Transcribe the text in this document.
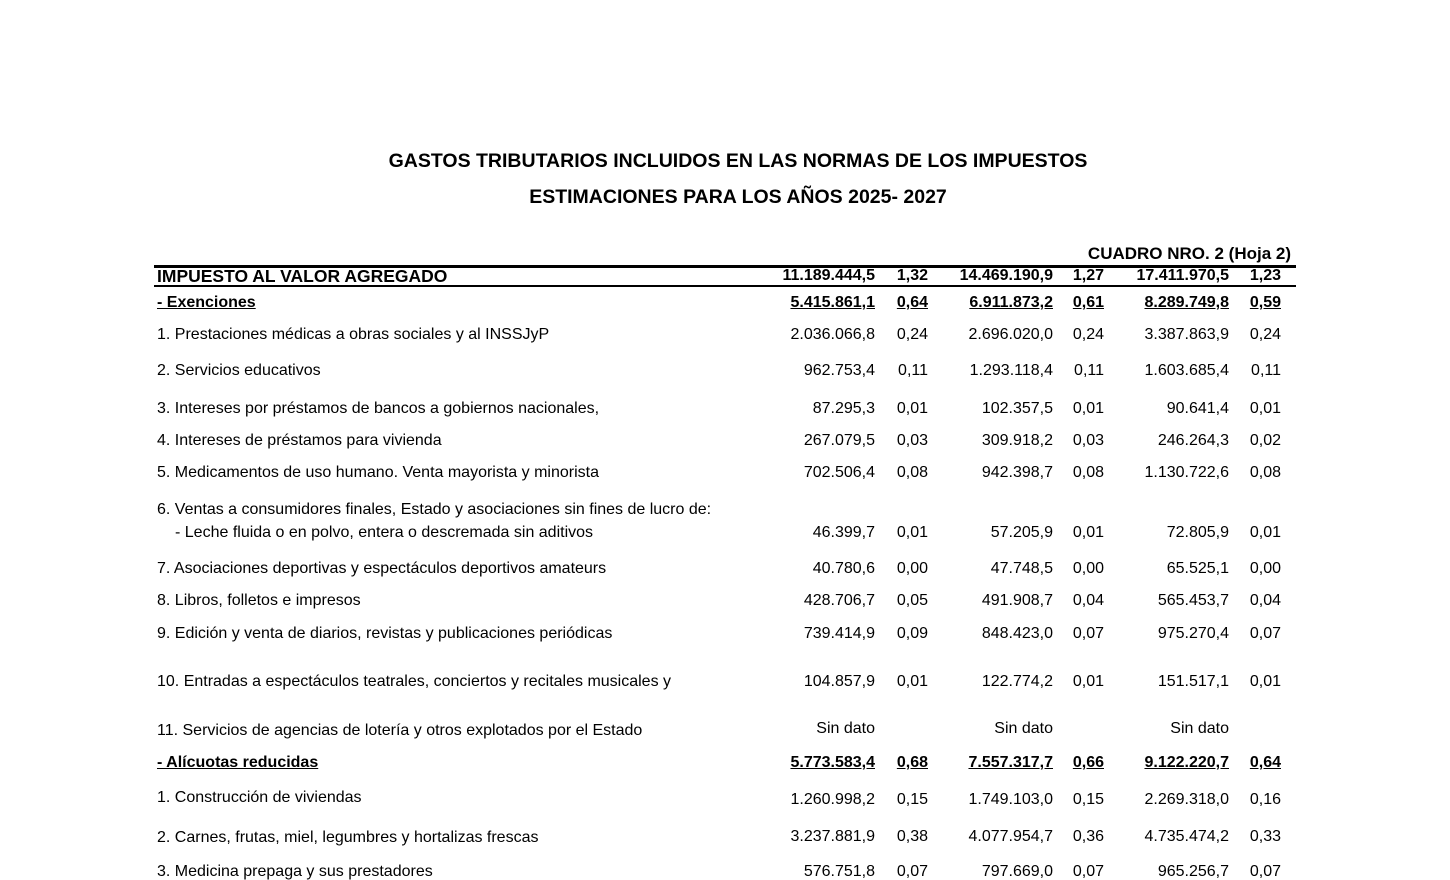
GASTOS TRIBUTARIOS INCLUIDOS EN LAS NORMAS DE LOS IMPUESTOS
ESTIMACIONES PARA LOS AÑOS 2025- 2027
CUADRO NRO. 2 (Hoja 2)
IMPUESTO AL VALOR AGREGADO	11.189.444,5 1,32 14.469.190,9 1,27 17.411.970,5 1,23
- Exenciones	5.415.861,1 0,64	6.911.873,2 0,61	8.289.749,8 0,59
1. Prestaciones médicas a obras sociales y al INSSJyP	2.036.066,8 0,24	2.696.020,0 0,24	3.387.863,9 0,24
2. Servicios educativos	962.753,4 0,11	1.293.118,4 0,11	1.603.685,4 0,11
3. Intereses por préstamos de bancos a gobiernos nacionales,	87.295,3 0,01	102.357,5 0,01	90.641,4 0,01
4. Intereses de préstamos para vivienda	267.079,5 0,03	309.918,2 0,03	246.264,3 0,02
5. Medicamentos de uso humano. Venta mayorista y minorista	702.506,4 0,08	942.398,7 0,08	1.130.722,6 0,08
6. Ventas a consumidores finales, Estado y asociaciones sin fines de lucro de:
- Leche fluida o en polvo, entera o descremada sin aditivos	46.399,7 0,01	57.205,9 0,01	72.805,9 0,01
7. Asociaciones deportivas y espectáculos deportivos amateurs	40.780,6 0,00	47.748,5 0,00	65.525,1 0,00
8. Libros, folletos e impresos	428.706,7 0,05	491.908,7 0,04	565.453,7 0,04
9. Edición y venta de diarios, revistas y publicaciones periódicas	739.414,9 0,09	848.423,0 0,07	975.270,4 0,07
10. Entradas a espectáculos teatrales, conciertos y recitales musicales y	104.857,9 0,01	122.774,2 0,01	151.517,1 0,01
11. Servicios de agencias de lotería y otros explotados por el Estado	Sin dato	Sin dato	Sin dato
- Alícuotas reducidas	5.773.583,4 0,68	7.557.317,7 0,66	9.122.220,7 0,64
1. Construcción de viviendas	1.260.998,2 0,15	1.749.103,0 0,15	2.269.318,0 0,16
2. Carnes, frutas, miel, legumbres y hortalizas frescas	3.237.881,9 0,38	4.077.954,7 0,36	4.735.474,2 0,33
3. Medicina prepaga y sus prestadores	576.751,8 0,07	797.669,0 0,07	965.256,7 0,07
